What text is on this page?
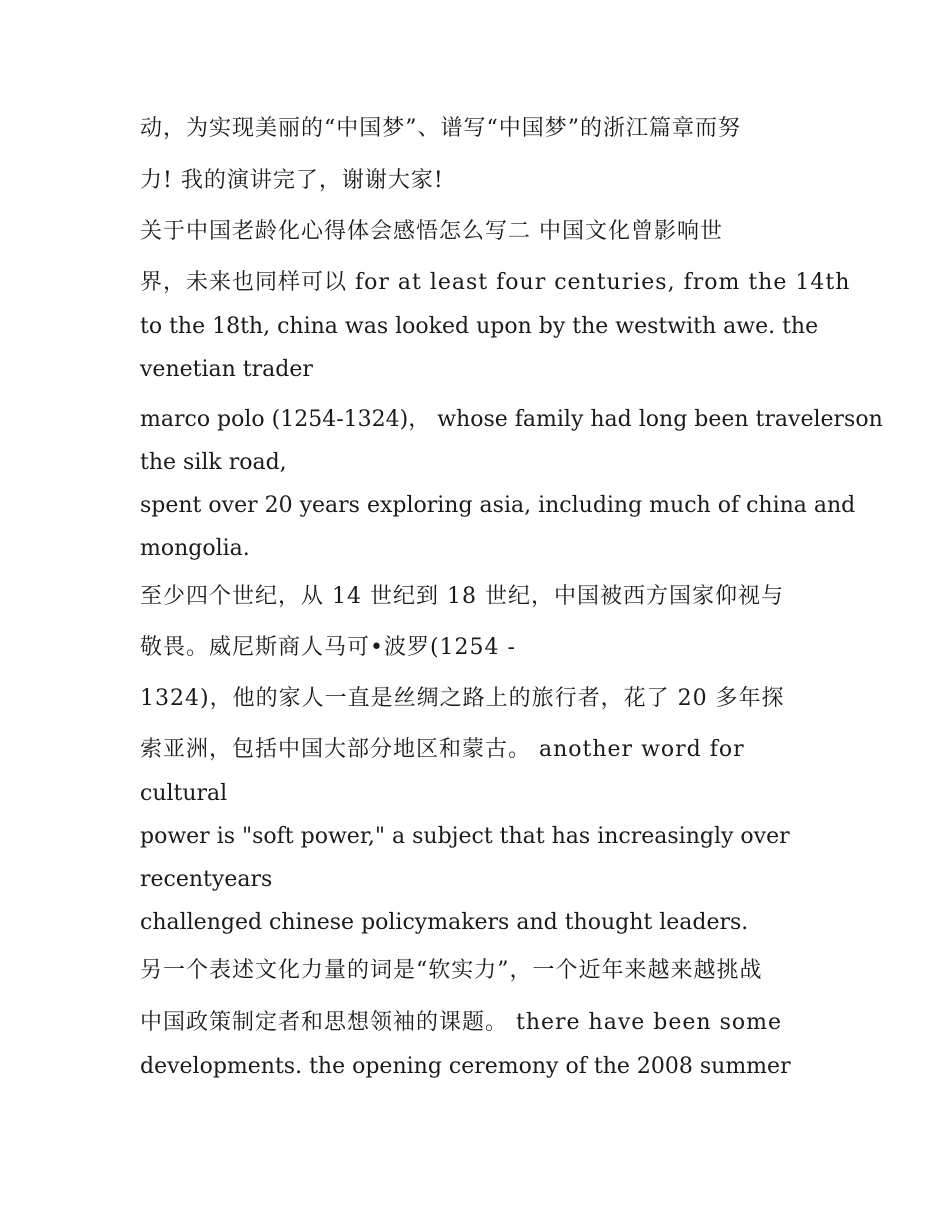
动，为实现美丽的“中国梦”、谱写“中国梦”的浙江篇章而努

力! 我的演讲完了，谢谢大家!

关于中国老龄化心得体会感悟怎么写二 中国文化曾影响世

界，未来也同样可以 for at least four centuries, from the 14th

to the 18th, china was looked upon by the westwith awe. the

venetian trader

marco polo (1254-1324)， whose family had long been travelerson

the silk road,

spent over 20 years exploring asia, including much of china and

mongolia.

至少四个世纪，从 14 世纪到 18 世纪，中国被西方国家仰视与

敬畏。威尼斯商人马可•波罗(1254 -

1324)，他的家人一直是丝绸之路上的旅行者，花了 20 多年探

索亚洲，包括中国大部分地区和蒙古。 another word for

cultural

power is "soft power," a subject that has increasingly over

recentyears

challenged chinese policymakers and thought leaders.

另一个表述文化力量的词是“软实力”，一个近年来越来越挑战

中国政策制定者和思想领袖的课题。 there have been some

developments. the opening ceremony of the 2008 summer
